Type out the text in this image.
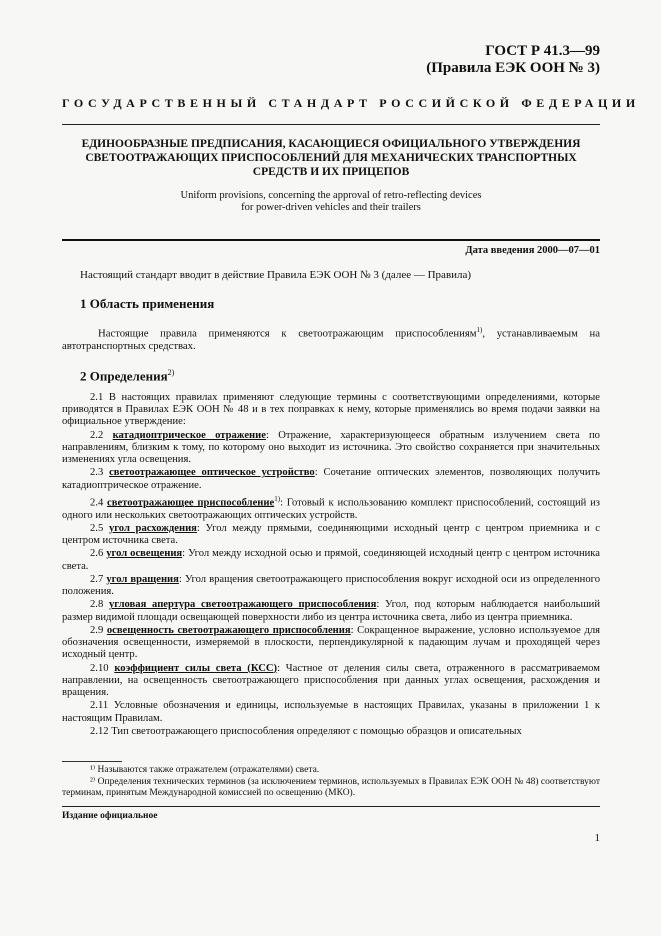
ГОСТ Р 41.3—99
(Правила ЕЭК ООН № 3)
ГОСУДАРСТВЕННЫЙ СТАНДАРТ РОССИЙСКОЙ ФЕДЕРАЦИИ
ЕДИНООБРАЗНЫЕ ПРЕДПИСАНИЯ, КАСАЮЩИЕСЯ ОФИЦИАЛЬНОГО УТВЕРЖДЕНИЯ
СВЕТООТРАЖАЮЩИХ ПРИСПОСОБЛЕНИЙ ДЛЯ МЕХАНИЧЕСКИХ ТРАНСПОРТНЫХ
СРЕДСТВ И ИХ ПРИЦЕПОВ
Uniform provisions, concerning the approval of retro-reflecting devices
for power-driven vehicles and their trailers
Дата введения 2000—07—01
Настоящий стандарт вводит в действие Правила ЕЭК ООН № 3 (далее — Правила)
1 Область применения
Настоящие правила применяются к светоотражающим приспособлениям$^{1)}$, устанавливаемым на автотранспортных средствах.
2 Определения$^{2)}$

2.1 В настоящих правилах применяют следующие термины с соответствующими определениями, которые приводятся в Правилах ЕЭК ООН № 48 и в тех поправках к нему, которые применялись во время подачи заявки на официальное утверждение:

2.2 катадиоптрическое отражение: Отражение, характеризующееся обратным излучением света по направлениям, близким к тому, по которому оно выходит из источника. Это свойство сохраняется при значительных изменениях угла освещения.

2.3 светоотражающее оптическое устройство: Сочетание оптических элементов, позволяющих получить катадиоптрическое отражение.

2.4 светоотражающее приспособление$^{1)}$: Готовый к использованию комплект приспособлений, состоящий из одного или нескольких светоотражающих оптических устройств.

2.5 угол расхождения: Угол между прямыми, соединяющими исходный центр с центром приемника и с центром источника света.

2.6 угол освещения: Угол между исходной осью и прямой, соединяющей исходный центр с центром источника света.

2.7 угол вращения: Угол вращения светоотражающего приспособления вокруг исходной оси из определенного положения.

2.8 угловая апертура светоотражающего приспособления: Угол, под которым наблюдается наибольший размер видимой площади освещающей поверхности либо из центра источника света, либо из центра приемника.

2.9 освещенность светоотражающего приспособления: Сокращенное выражение, условно используемое для обозначения освещенности, измеряемой в плоскости, перпендикулярной к падающим лучам и проходящей через исходный центр.

2.10 коэффициент силы света (КСС): Частное от деления силы света, отраженного в рассматриваемом направлении, на освещенность светоотражающего приспособления при данных углах освещения, расхождения и вращения.

2.11 Условные обозначения и единицы, используемые в настоящих Правилах, указаны в приложении 1 к настоящим Правилам.

2.12 Тип светоотражающего приспособления определяют с помощью образцов и описательных

¹⁾ Называются также отражателем (отражателями) света.

²⁾ Определения технических терминов (за исключением терминов, используемых в Правилах ЕЭК ООН № 48) соответствуют терминам, принятым Международной комиссией по освещению (МКО).

Издание официальное
1
